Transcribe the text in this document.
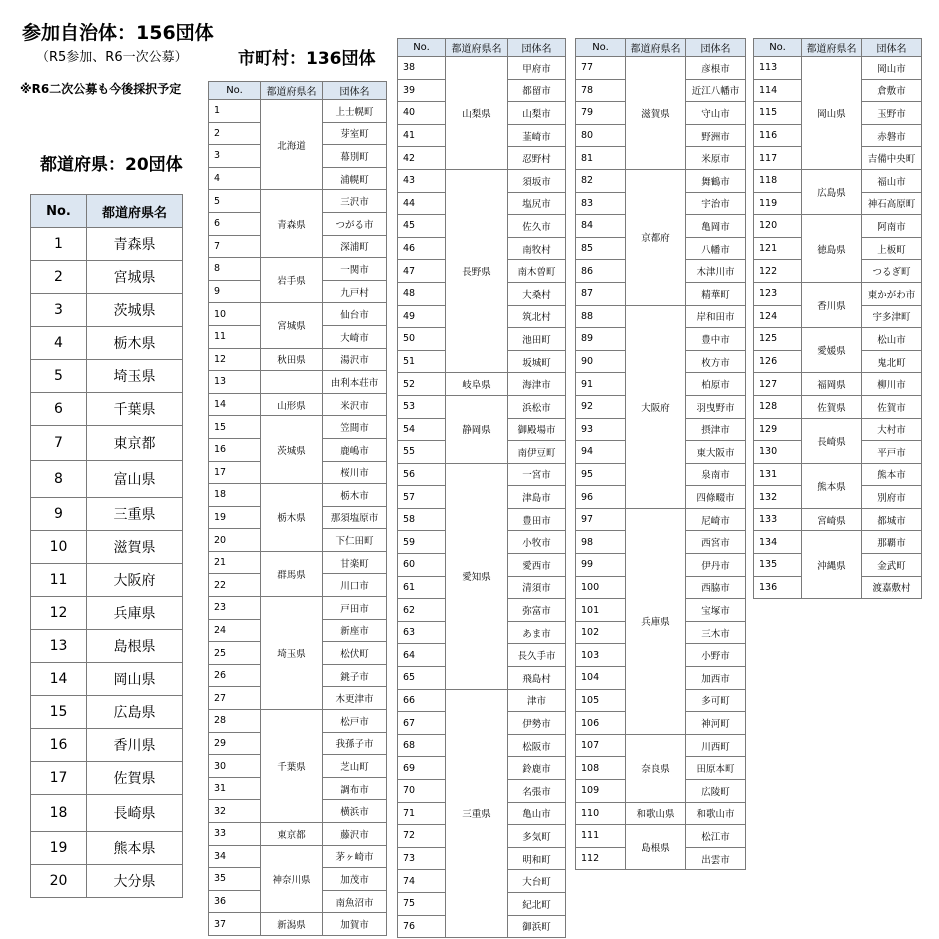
参加自治体：156団体
（R5参加、R6一次公募）
※R6二次公募も今後採択予定
市町村：136団体
都道府県：20団体
No.	都道府県名
1	青森県
2	宮城県
3	茨城県
4	栃木県
5	埼玉県
6	千葉県
7	東京都
8	富山県
9	三重県
10	滋賀県
11	大阪府
12	兵庫県
13	島根県
14	岡山県
15	広島県
16	香川県
17	佐賀県
18	長崎県
19	熊本県
20	大分県
No.	都道府県名	団体名
1	北海道	上士幌町
2		芽室町
3		幕別町
4		浦幌町
5	青森県	三沢市
6		つがる市
7		深浦町
8	岩手県	一関市
9		九戸村
10	宮城県	仙台市
11		大崎市
12	秋田県	湯沢市
13		由利本荘市
14	山形県	米沢市
15	茨城県	笠間市
16		鹿嶋市
17		桜川市
18	栃木県	栃木市
19		那須塩原市
20		下仁田町
21	群馬県	甘楽町
22		川口市
23	埼玉県	戸田市
24		新座市
25		松伏町
26		銚子市
27		木更津市
28	千葉県	松戸市
29		我孫子市
30		芝山町
31		調布市
32		横浜市
33	東京都	藤沢市
34	神奈川県	茅ヶ崎市
35		加茂市
36		南魚沼市
37	新潟県	加賀市
No.	都道府県名	団体名
38	山梨県	甲府市
39		都留市
40		山梨市
41		韮崎市
42		忍野村
43	長野県	須坂市
44		塩尻市
45		佐久市
46		南牧村
47		南木曽町
48		大桑村
49		筑北村
50		池田町
51		坂城町
52	岐阜県	海津市
53	静岡県	浜松市
54		御殿場市
55		南伊豆町
56	愛知県	一宮市
57		津島市
58		豊田市
59		小牧市
60		愛西市
61		清須市
62		弥富市
63		あま市
64		長久手市
65		飛島村
66	三重県	津市
67		伊勢市
68		松阪市
69		鈴鹿市
70		名張市
71		亀山市
72		多気町
73		明和町
74		大台町
75		紀北町
76		御浜町
No.	都道府県名	団体名
77	滋賀県	彦根市
78		近江八幡市
79		守山市
80		野洲市
81		米原市
82	京都府	舞鶴市
83		宇治市
84		亀岡市
85		八幡市
86		木津川市
87		精華町
88	大阪府	岸和田市
89		豊中市
90		枚方市
91		柏原市
92		羽曳野市
93		摂津市
94		東大阪市
95		泉南市
96		四條畷市
97	兵庫県	尼崎市
98		西宮市
99		伊丹市
100		西脇市
101		宝塚市
102		三木市
103		小野市
104		加西市
105		多可町
106		神河町
107	奈良県	川西町
108		田原本町
109		広陵町
110	和歌山県	和歌山市
111	島根県	松江市
112		出雲市
No.	都道府県名	団体名
113	岡山県	岡山市
114		倉敷市
115		玉野市
116		赤磐市
117		吉備中央町
118	広島県	福山市
119		神石高原町
120	徳島県	阿南市
121		上板町
122		つるぎ町
123	香川県	東かがわ市
124		宇多津町
125	愛媛県	松山市
126		鬼北町
127	福岡県	柳川市
128	佐賀県	佐賀市
129	長崎県	大村市
130		平戸市
131	熊本県	熊本市
132		別府市
133	宮崎県	都城市
134	沖縄県	那覇市
135		金武町
136		渡嘉敷村
